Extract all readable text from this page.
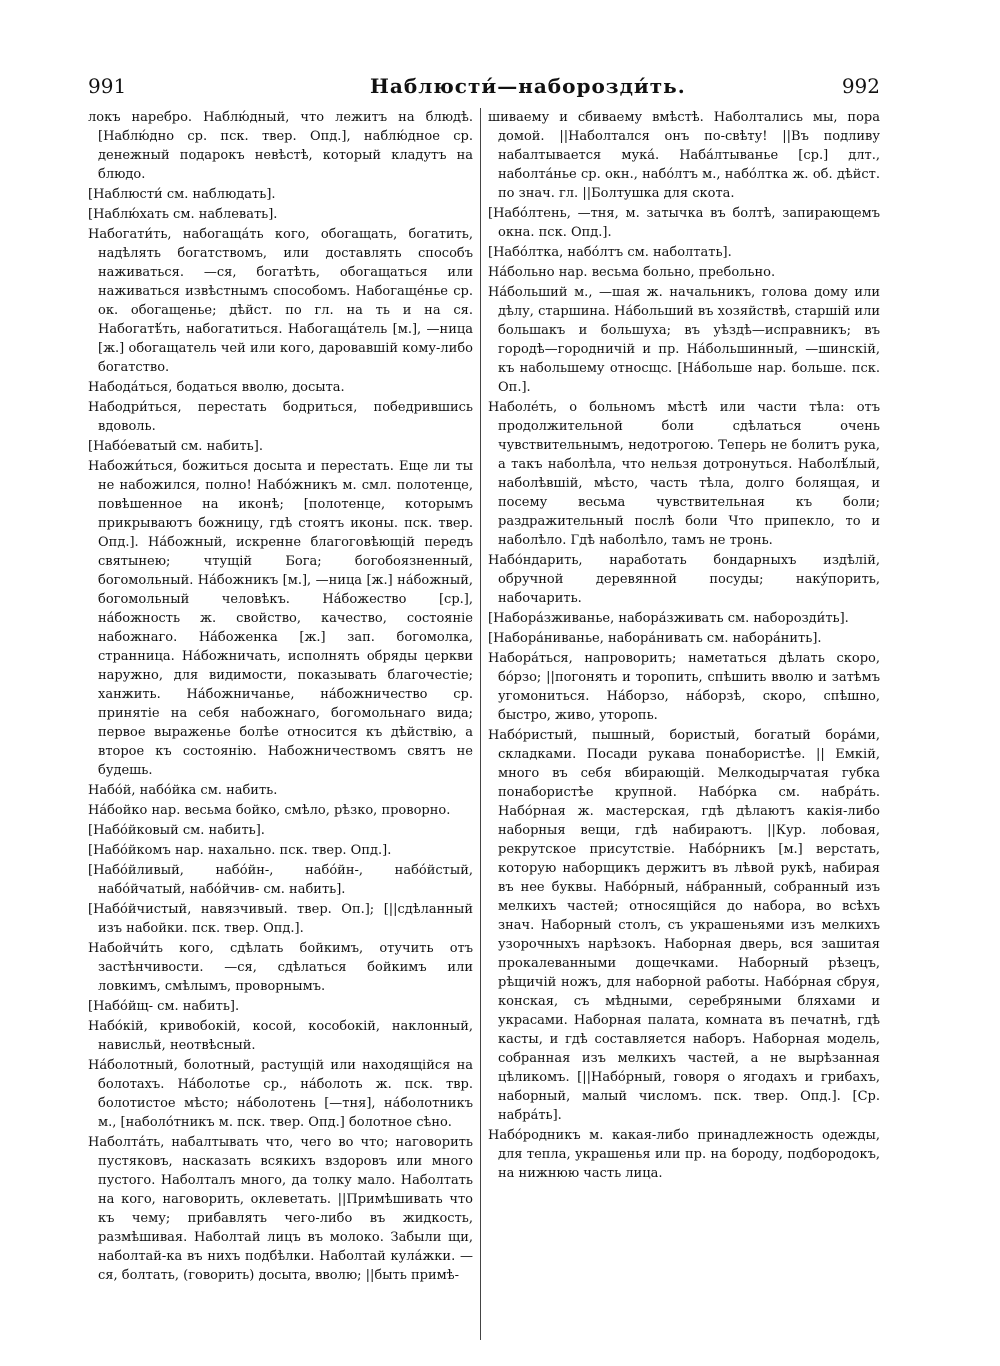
991	Наблюсти́—наборозди́ть.	992

локъ наребро. Наблю́дный, что лежитъ на блюдѣ. [Наблю́дно ср. пск. твер. Опд.], наблю́дное ср. денежный подарокъ невѣстѣ, который кладутъ на блюдо.

[Наблюсти́ см. наблюдать].

[Наблю́хать см. наблевать].

Набогати́ть, набогаща́ть кого, обогащать, богатить, надѣлять богатствомъ, или доставлять способъ наживаться. —ся, богатѣть, обогащаться или наживаться извѣстнымъ способомъ. Набогаще́нье ср. ок. обогащенье; дѣйст. по гл. на ть и на ся. Набогатѣ́ть, набогатиться. Набогаща́тель [м.], —ница [ж.] обогащатель чей или кого, даровавшій кому-либо богатство.

Набода́ться, бодаться вволю, досыта.

Набодри́ться, перестать бодриться, победрившись вдоволь.

[Набо́еватый см. набить].

Набожи́ться, божиться досыта и перестать. Еще ли ты не набожился, полно! Набо́жникъ м. смл. полотенце, повѣшенное на иконѣ; [полотенце, которымъ прикрываютъ божницу, гдѣ стоятъ иконы. пск. твер. Опд.]. На́божный, искренне благоговѣющій передъ святынею; чтущій Бога; богобоязненный, богомольный. На́божникъ [м.], —ница [ж.] на́божный, богомольный человѣкъ. На́божество [ср.], на́божность ж. свойство, качество, состояніе набожнаго. На́боженка [ж.] зап. богомолка, странница. На́божничать, исполнять обряды церкви наружно, для видимости, показывать благочестіе; ханжить. На́божничанье, на́божничество ср. принятіе на себя набожнаго, богомольнаго вида; первое выраженье болѣе относится къ дѣйствію, а второе къ состоянію. Набожничествомъ святъ не будешь.

Набо́й, набо́йка см. набить.

На́бойко нар. весьма бойко, смѣло, рѣзко, проворно.

[Набо́йковый см. набить].

[Набо́йкомъ нар. нахально. пск. твер. Опд.].

[Набо́йливый, набо́йн-, набо́йн-, набо́йстый, набо́йчатый, набо́йчив- см. набить].

[Набо́йчистый, навязчивый. твер. Оп.]; [||сдѣланный изъ набойки. пск. твер. Опд.].

Набойчи́ть кого, сдѣлать бойкимъ, отучить отъ застѣнчивости. —ся, сдѣлаться бойкимъ или ловкимъ, смѣлымъ, проворнымъ.

[Набо́йщ- см. набить].

Набо́кій, кривобокій, косой, кособокій, наклонный, нависльй, неотвѣсный.

На́болотный, болотный, растущій или находящійся на болотахъ. На́болотье ср., на́болоть ж. пск. твр. болотистое мѣсто; на́болотень [—тня], на́болотникъ м., [наболо́тникъ м. пск. твер. Опд.] болотное сѣно.

Наболта́ть, набалтывать что, чего во что; наговорить пустяковъ, насказать всякихъ вздоровъ или много пустого. Наболталъ много, да толку мало. Наболтать на кого, наговорить, оклеветать. ||Примѣшивать что къ чему; прибавлять чего-либо въ жидкость, размѣшивая. Наболтай лицъ въ молоко. Забыли щи, наболтай-ка въ нихъ подбѣлки. Наболтай кула́жки. —ся, болтать, (говорить) досыта, вволю; ||быть примѣ-

шиваему и сбиваему вмѣстѣ. Наболтались мы, пора домой. ||Наболтался онъ по-свѣту! ||Въ подливу набалтывается мука́. Наба́лтыванье [ср.] длт., наболта́нье ср. окн., набо́лтъ м., набо́лтка ж. об. дѣйст. по знач. гл. ||Болтушка для скота.

[Набо́лтень, —тня, м. затычка въ болтѣ, запирающемъ окна. пск. Опд.].

[Набо́лтка, набо́лтъ см. наболтать].

На́больно нар. весьма больно, пребольно.

На́больший м., —шая ж. начальникъ, голова дому или дѣлу, старшина. На́больший въ хозяйствѣ, старшій или большакъ и большуха; въ уѣздѣ—исправникъ; въ городѣ—городничій и пр. На́большинный, —шинскій, къ набольшему относщс. [На́больше нар. больше. пск. Оп.].

Наболе́ть, о больномъ мѣстѣ или части тѣла: отъ продолжительной боли сдѣлаться очень чувствительнымъ, недотрогою. Теперь не болитъ рука, а такъ наболѣла, что нельзя дотронуться. Наболѣ́лый, наболѣвшій, мѣсто, часть тѣла, долго болящая, и посему весьма чувствительная къ боли; раздражительный послѣ боли Что припекло, то и наболѣло. Гдѣ наболѣло, тамъ не тронь.

Набо́ндарить, наработать бондарныхъ издѣлій, обручной деревянной посуды; наку́порить, набочарить.

[Набора́зживанье, набора́зживать см. наборозди́ть].

[Набора́ниванье, набора́нивать см. набора́нить].

Набора́ться, напроворить; наметаться дѣлать скоро, бо́рзо; ||погонять и торопить, спѣшить вволю и затѣмъ угомониться. На́борзо, на́борзѣ, скоро, спѣшно, быстро, живо, уторопь.

Набо́ристый, пышный, бористый, богатый бора́ми, складками. Посади рукава понабористѣе. || Емкій, много въ себя вбирающій. Мелкодырчатая губка понабористѣе крупной. Набо́рка см. набра́ть. Набо́рная ж. мастерская, гдѣ дѣлаютъ какія-либо наборныя вещи, гдѣ набираютъ. ||Кур. лобовая, рекрутское присутствіе. Набо́рникъ [м.] верстать, которую наборщикъ держитъ въ лѣвой рукѣ, набирая въ нее буквы. Набо́рный, на́бранный, собранный изъ мелкихъ частей; относящійся до набора, во всѣхъ знач. Наборный столъ, съ украшеньями изъ мелкихъ узорочныхъ нарѣзокъ. Наборная дверь, вся зашитая прокалеванными дощечками. Наборный рѣзецъ, рѣщичій ножъ, для наборной работы. Набо́рная сбруя, конская, съ мѣдными, серебряными бляхами и украсами. Наборная палата, комната въ печатнѣ, гдѣ касты, и гдѣ составляется наборъ. Наборная модель, собранная изъ мелкихъ частей, а не вырѣзанная цѣликомъ. [||Набо́рный, говоря о ягодахъ и грибахъ, наборный, малый числомъ. пск. твер. Опд.]. [Ср. набра́ть].

Набо́родникъ м. какая-либо принадлежность одежды, для тепла, украшенья или пр. на бороду, подбородокъ, на нижнюю часть лица.
